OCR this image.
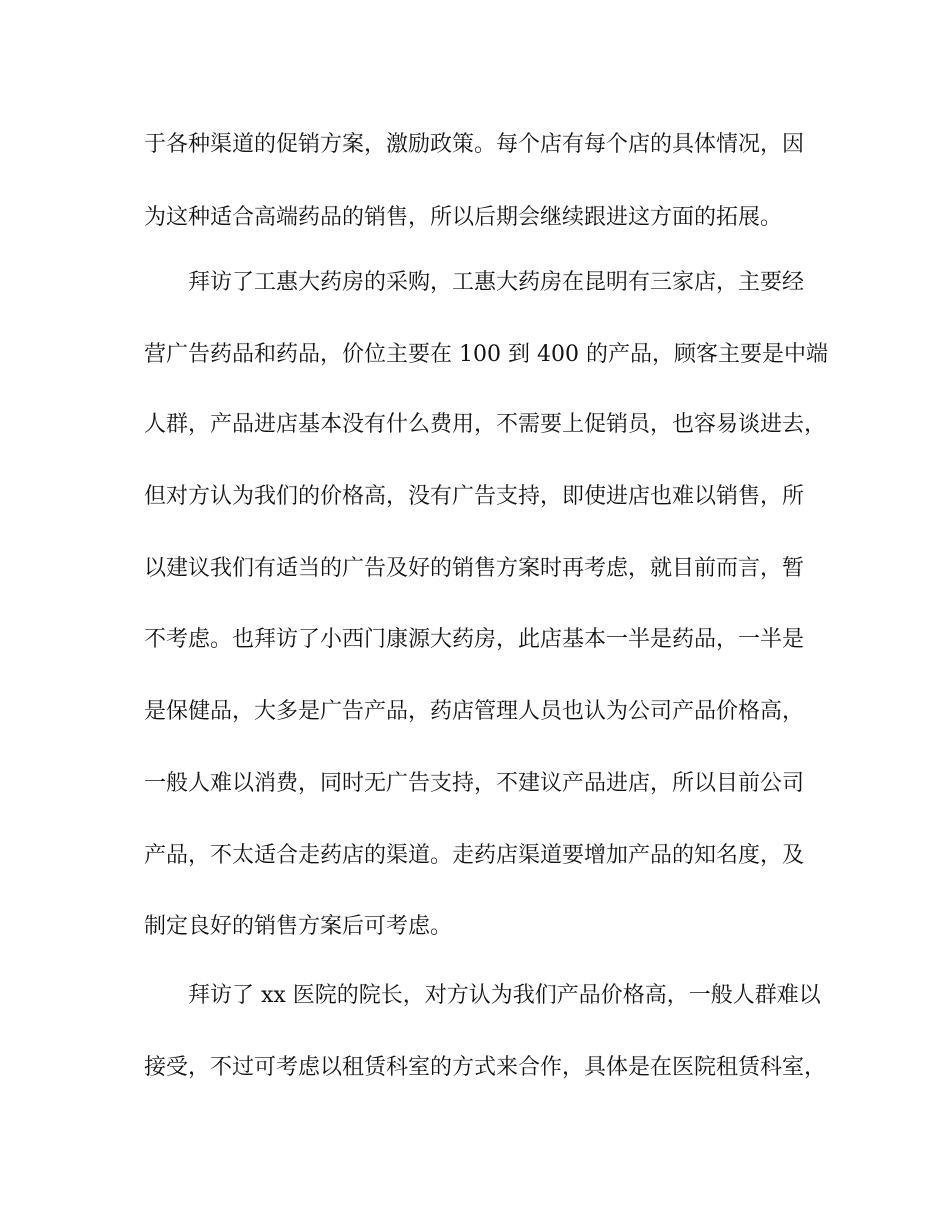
于各种渠道的促销方案，激励政策。每个店有每个店的具体情况，因
为这种适合高端药品的销售，所以后期会继续跟进这方面的拓展。
拜访了工惠大药房的采购，工惠大药房在昆明有三家店，主要经
营广告药品和药品，价位主要在 100 到 400 的产品，顾客主要是中端
人群，产品进店基本没有什么费用，不需要上促销员，也容易谈进去，
但对方认为我们的价格高，没有广告支持，即使进店也难以销售，所
以建议我们有适当的广告及好的销售方案时再考虑，就目前而言，暂
不考虑。也拜访了小西门康源大药房，此店基本一半是药品，一半是
是保健品，大多是广告产品，药店管理人员也认为公司产品价格高，
一般人难以消费，同时无广告支持，不建议产品进店，所以目前公司
产品，不太适合走药店的渠道。走药店渠道要增加产品的知名度，及
制定良好的销售方案后可考虑。
拜访了 xx 医院的院长，对方认为我们产品价格高，一般人群难以
接受，不过可考虑以租赁科室的方式来合作，具体是在医院租赁科室，
